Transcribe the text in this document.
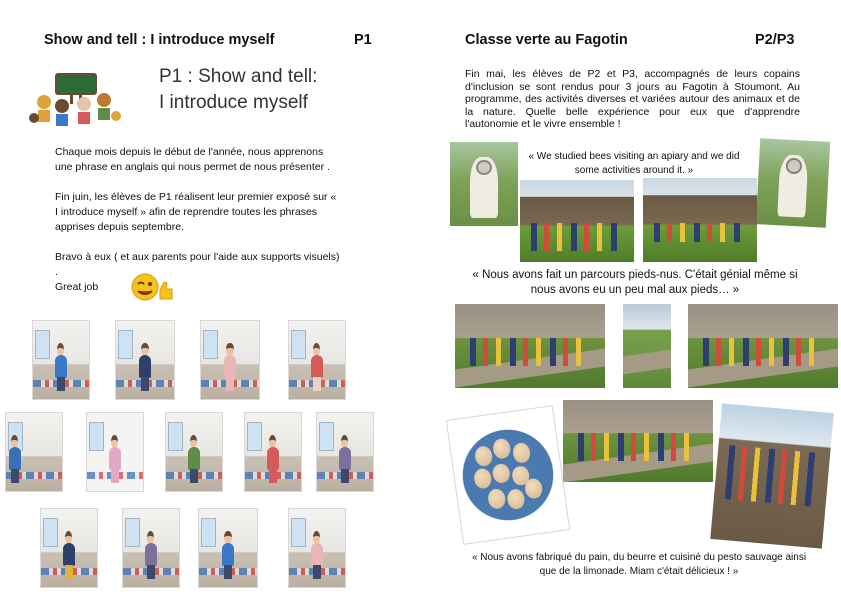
Show and tell : I introduce myself	P1
P1 : Show and tell:
I introduce myself
Chaque mois depuis le début de l'année, nous apprenons une phrase en anglais qui nous permet de nous présenter .
Fin juin, les élèves de P1 réalisent leur premier exposé sur « I introduce myself » afin de reprendre toutes les phrases apprises depuis septembre.
Bravo à eux ( et aux parents pour l'aide aux supports visuels) .
Great job
Classe verte au Fagotin	P2/P3
Fin mai, les élèves de P2 et P3, accompagnés de leurs copains d'inclusion se sont rendus pour 3 jours au Fagotin à Stoumont. Au programme, des activités diverses et variées autour des animaux et de la nature. Quelle belle expérience pour eux que d'apprendre l'autonomie et le vivre ensemble !
« We studied bees visiting an apiary and we did some activities around it. »
« Nous avons fait un parcours pieds-nus. C'était génial même si nous avons eu un peu mal aux pieds… »
« Nous avons fabriqué du pain, du beurre et cuisiné du pesto sauvage ainsi que de la limonade. Miam c'était délicieux ! »
